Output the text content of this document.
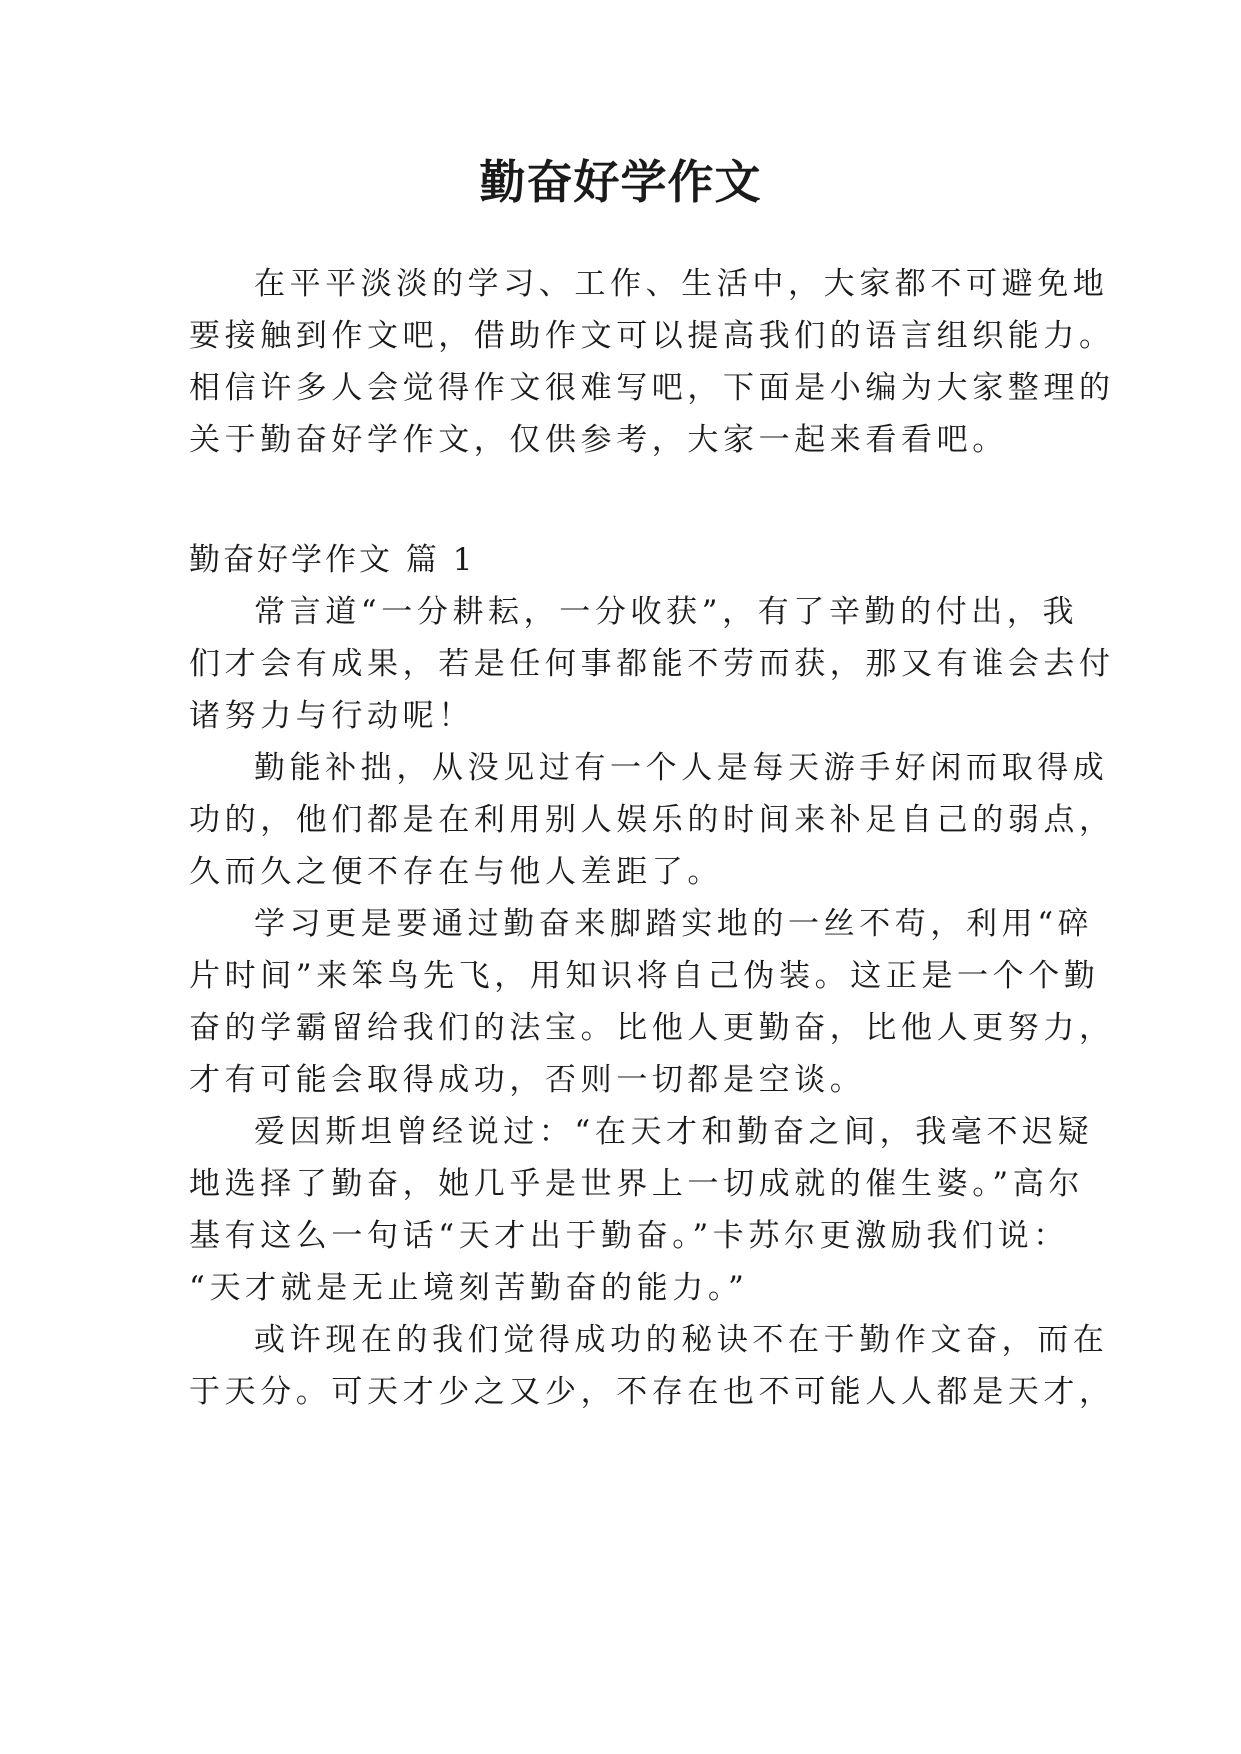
勤奋好学作文
在平平淡淡的学习、工作、生活中，大家都不可避免地
要接触到作文吧，借助作文可以提高我们的语言组织能力。
相信许多人会觉得作文很难写吧，下面是小编为大家整理的
关于勤奋好学作文，仅供参考，大家一起来看看吧。
勤奋好学作文 篇 1
常言道“一分耕耘，一分收获”，有了辛勤的付出，我
们才会有成果，若是任何事都能不劳而获，那又有谁会去付
诸努力与行动呢！
勤能补拙，从没见过有一个人是每天游手好闲而取得成
功的，他们都是在利用别人娱乐的时间来补足自己的弱点，
久而久之便不存在与他人差距了。
学习更是要通过勤奋来脚踏实地的一丝不苟，利用“碎
片时间”来笨鸟先飞，用知识将自己伪装。这正是一个个勤
奋的学霸留给我们的法宝。比他人更勤奋，比他人更努力，
才有可能会取得成功，否则一切都是空谈。
爱因斯坦曾经说过：“在天才和勤奋之间，我毫不迟疑
地选择了勤奋，她几乎是世界上一切成就的催生婆。”高尔
基有这么一句话“天才出于勤奋。”卡苏尔更激励我们说：
“天才就是无止境刻苦勤奋的能力。”
或许现在的我们觉得成功的秘诀不在于勤作文奋，而在
于天分。可天才少之又少，不存在也不可能人人都是天才，
